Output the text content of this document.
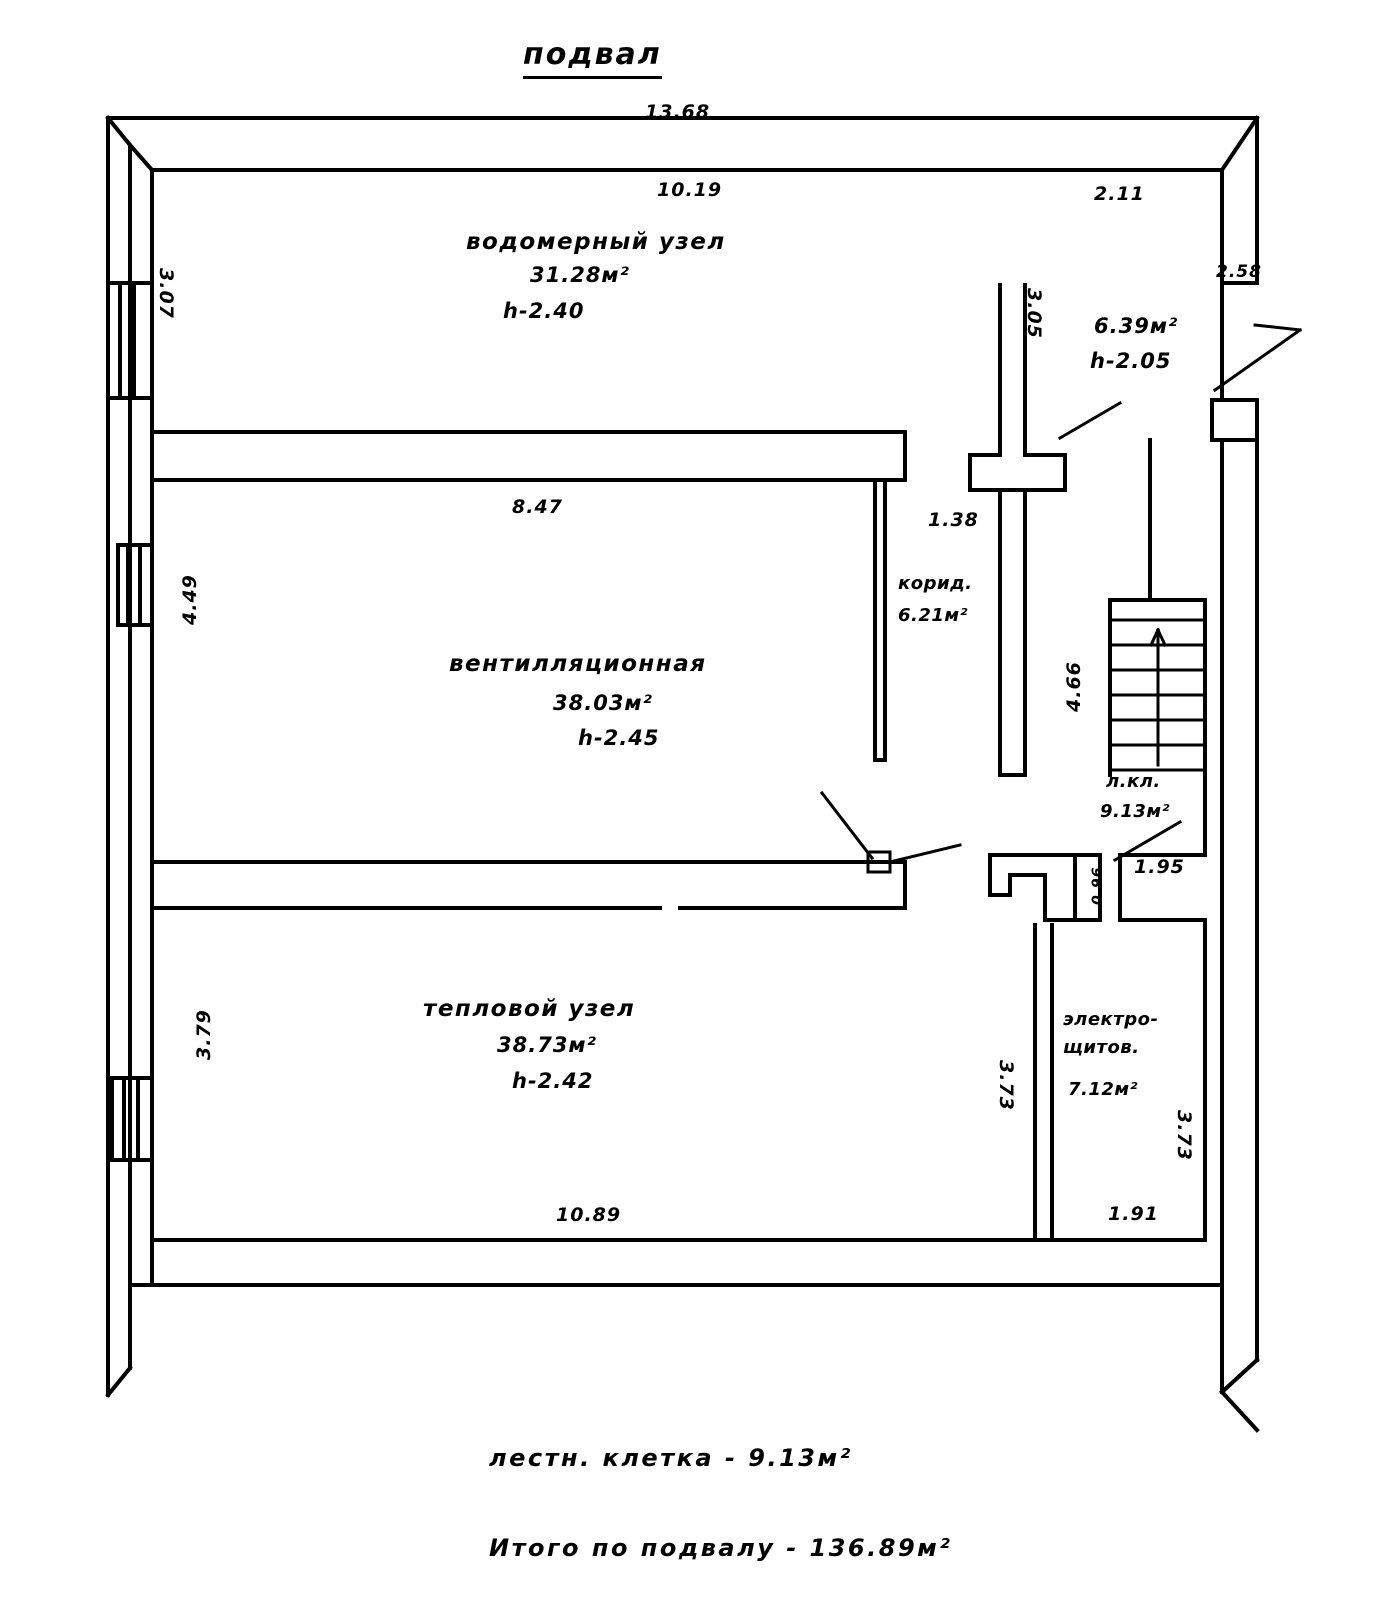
подвал
13.68
10.19	2.11
3.07
4.49
3.79
2.58
3.05
1.38
8.47
4.66
1.95
0.96
3.73
3.73
10.89	1.91
водомерный узел
31.28м²
h-2.40
вентилляционная
38.03м²
h-2.45
тепловой узел
38.73м²
h-2.42
корид.
6.21м²
л.кл.
9.13м²
электро-
щитов.
7.12м²
6.39м²
h-2.05
лестн. клетка - 9.13м²
Итого по подвалу - 136.89м²
